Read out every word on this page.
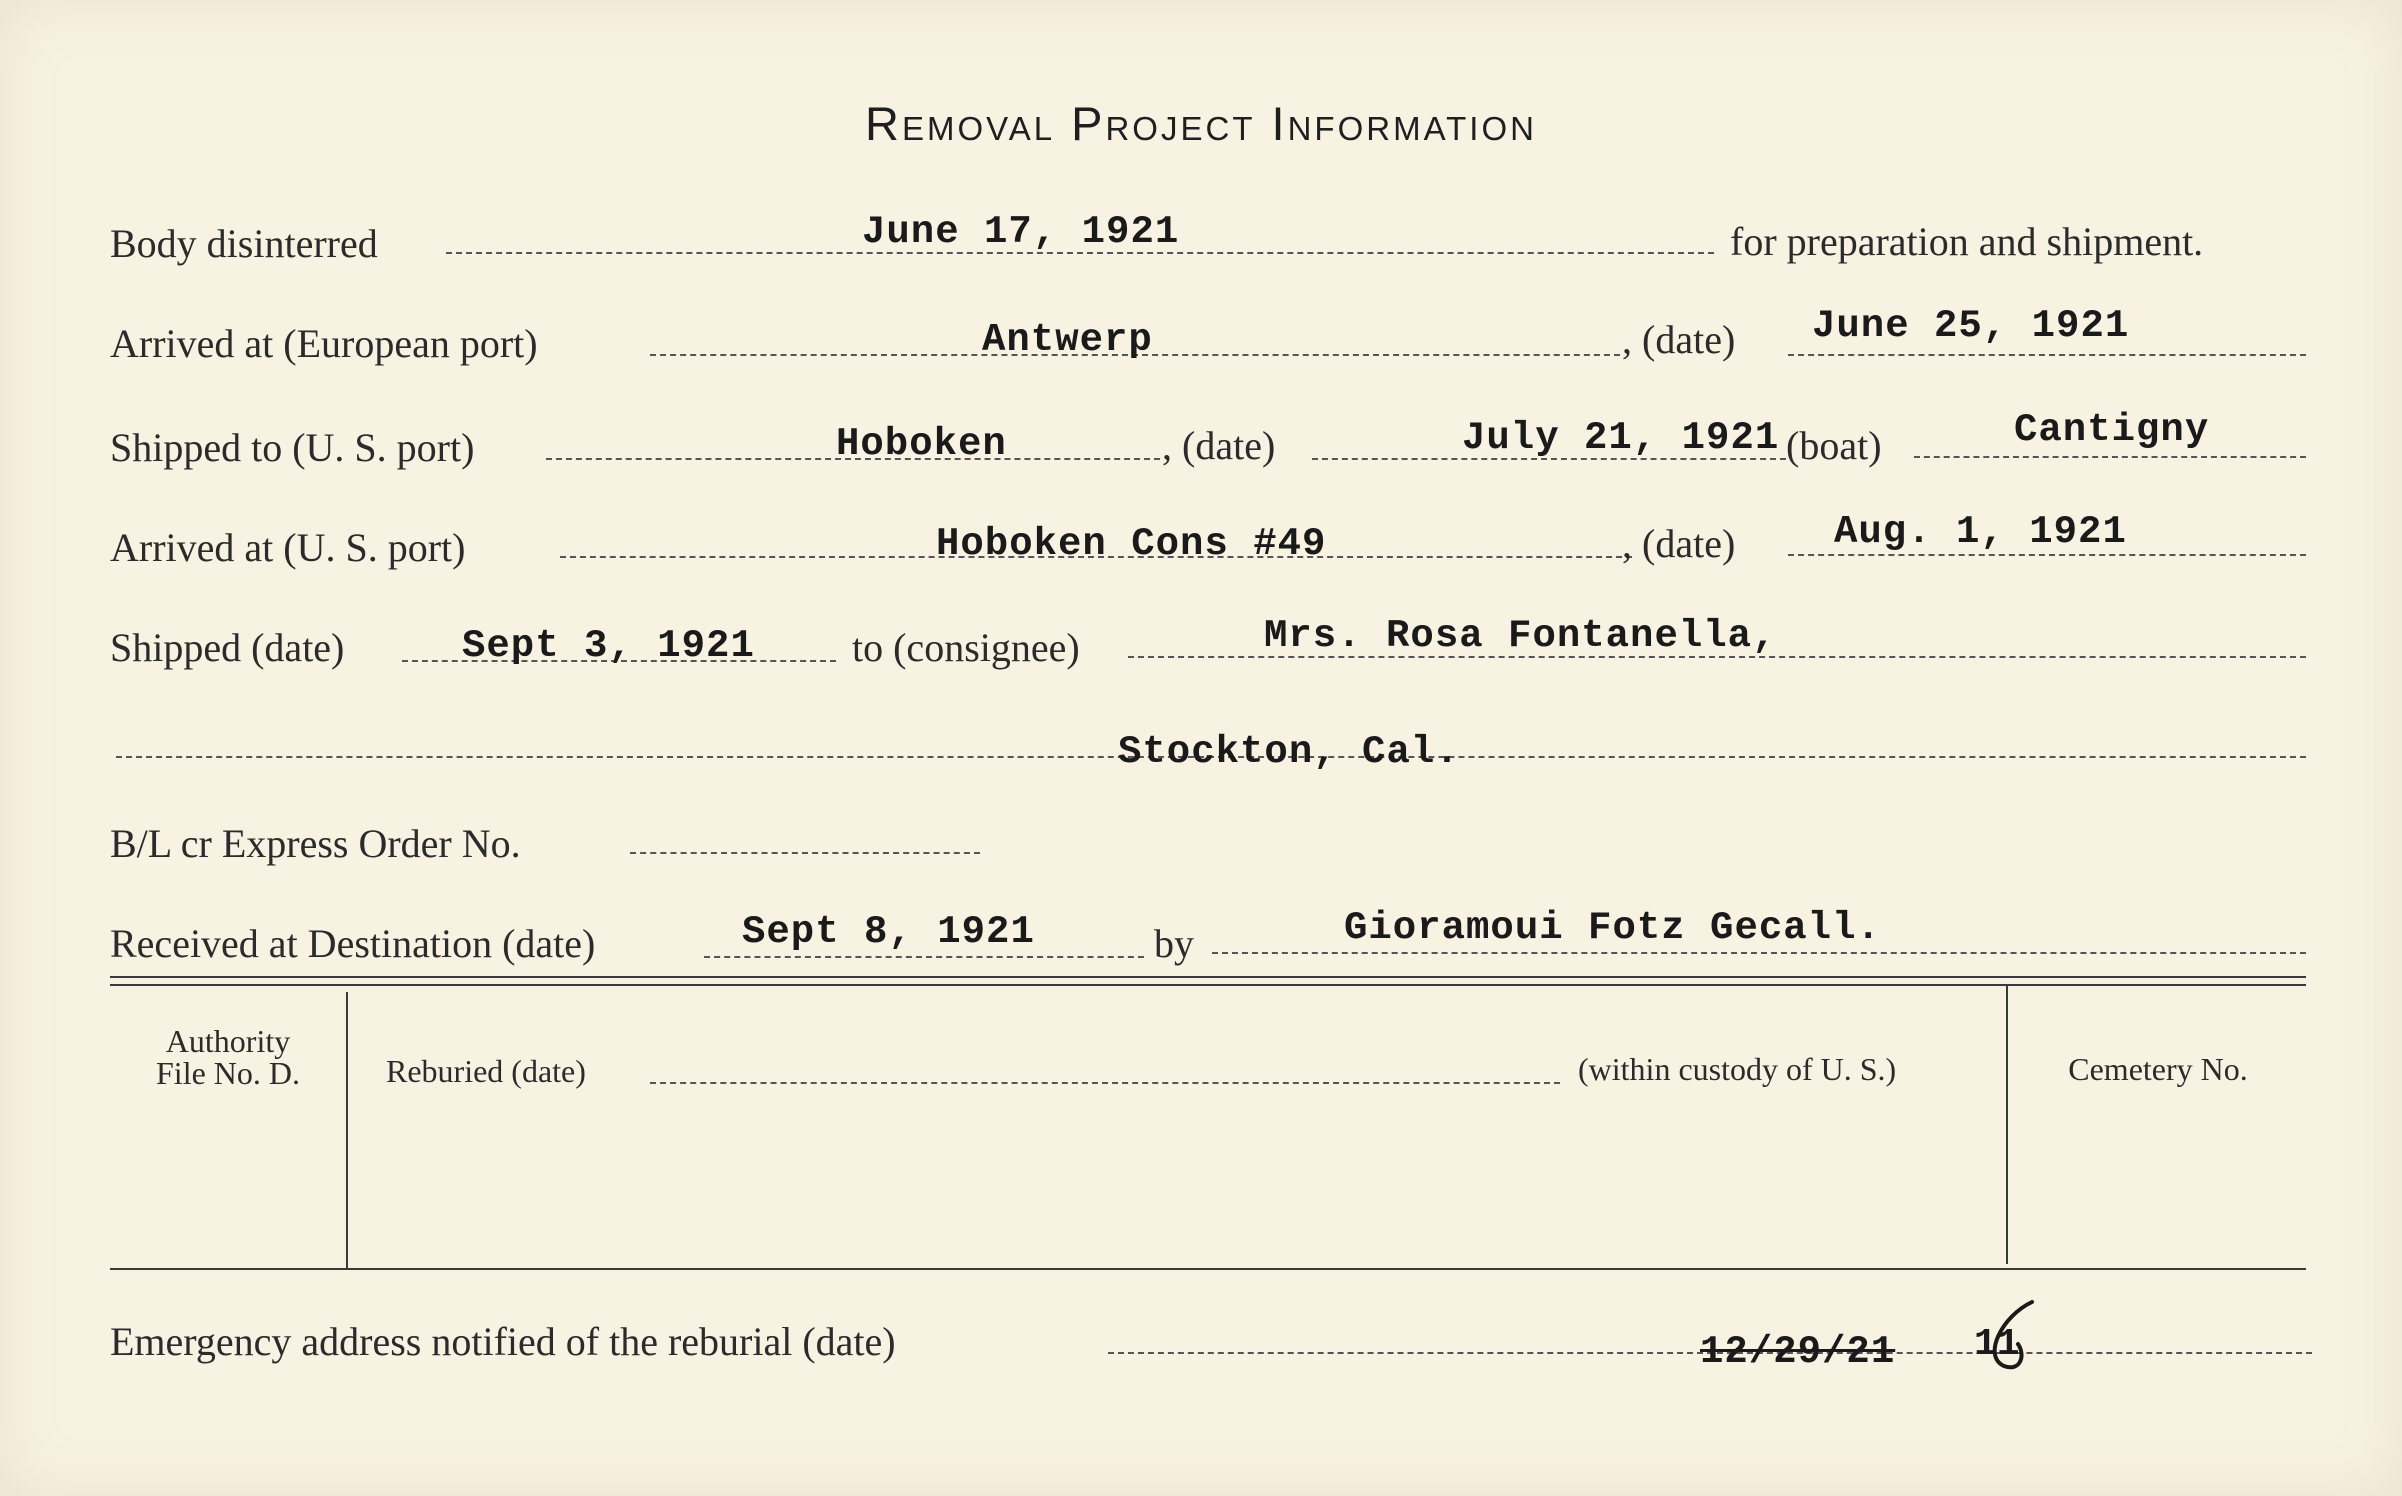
Removal Project Information
Body disinterred	June 17, 1921	for preparation and shipment.
Arrived at (European port)	Antwerp	, (date) June 25, 1921
Shipped to (U. S. port)	Hoboken	, (date)	July 21, 1921 (boat)	Cantigny
Arrived at (U. S. port)	Hoboken Cons #49	, (date)	Aug. 1, 1921
Shipped (date)	Sept 3, 1921 to (consignee)	Mrs. Rosa Fontanella,
Stockton, Cal.
B/L cr Express Order No.
Received at Destination (date)	Sept 8, 1921	by	Gioramoui Fotz Gecall.
Authority
File No. D.	Reburied (date)	(within custody of U. S.)	Cemetery No.
Emergency address notified of the reburial (date)	12/29/21 11
